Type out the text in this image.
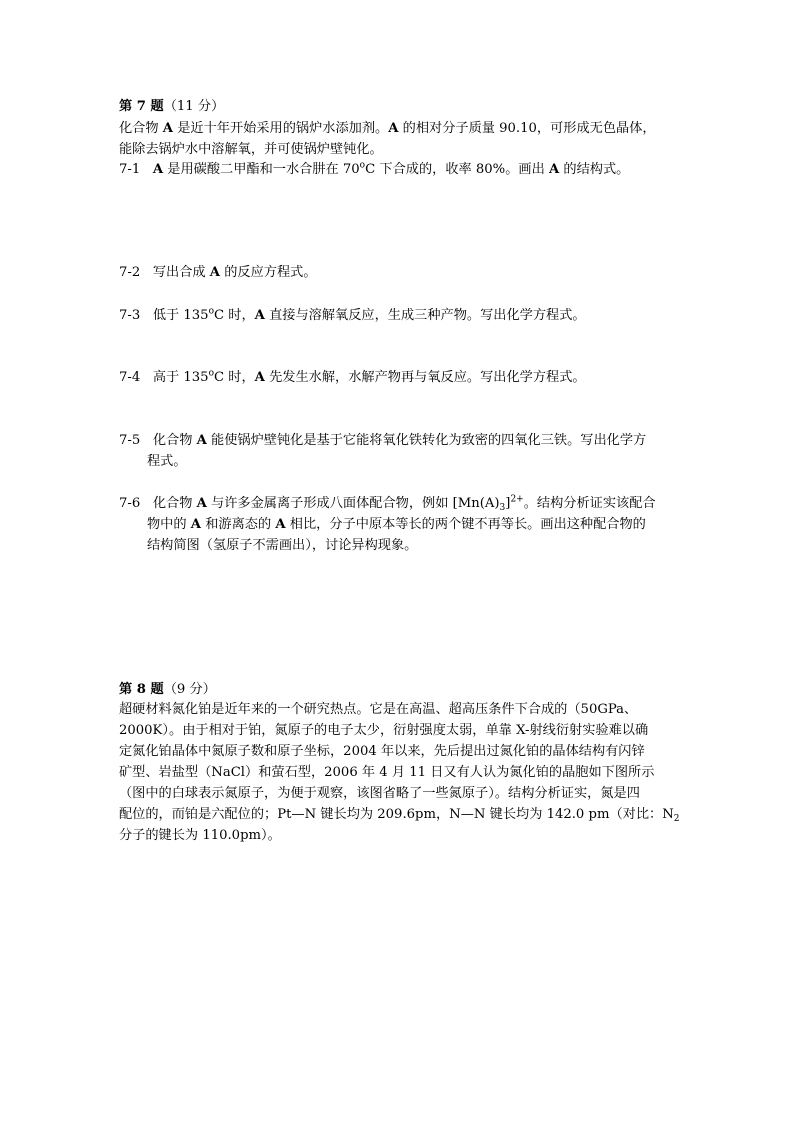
第 7 题（11 分）
化合物 A 是近十年开始采用的锅炉水添加剂。A 的相对分子质量 90.10，可形成无色晶体，
能除去锅炉水中溶解氧，并可使锅炉壁钝化。
7-1 A 是用碳酸二甲酯和一水合肼在 70$^o$C 下合成的，收率 80%。画出 A 的结构式。
7-2 写出合成 A 的反应方程式。
7-3 低于 135$^o$C 时，A 直接与溶解氧反应，生成三种产物。写出化学方程式。
7-4 高于 135$^o$C 时，A 先发生水解，水解产物再与氧反应。写出化学方程式。
7-5 化合物 A 能使锅炉壁钝化是基于它能将氧化铁转化为致密的四氧化三铁。写出化学方
程式。
7-6 化合物 A 与许多金属离子形成八面体配合物，例如 $[Mn(A)_3]^{2+}$。结构分析证实该配合
物中的 A 和游离态的 A 相比，分子中原本等长的两个键不再等长。画出这种配合物的
结构简图（氢原子不需画出），讨论异构现象。
第 8 题（9 分）
超硬材料氮化铂是近年来的一个研究热点。它是在高温、超高压条件下合成的（50GPa、
2000K）。由于相对于铂，氮原子的电子太少，衍射强度太弱，单靠 X-射线衍射实验难以确
定氮化铂晶体中氮原子数和原子坐标，2004 年以来，先后提出过氮化铂的晶体结构有闪锌
矿型、岩盐型（NaCl）和萤石型，2006 年 4 月 11 日又有人认为氮化铂的晶胞如下图所示
（图中的白球表示氮原子，为便于观察，该图省略了一些氮原子）。结构分析证实，氮是四
配位的，而铂是六配位的；Pt—N 键长均为 209.6pm，N—N 键长均为 142.0 pm（对比：$N_2$
分子的键长为 110.0pm）。
